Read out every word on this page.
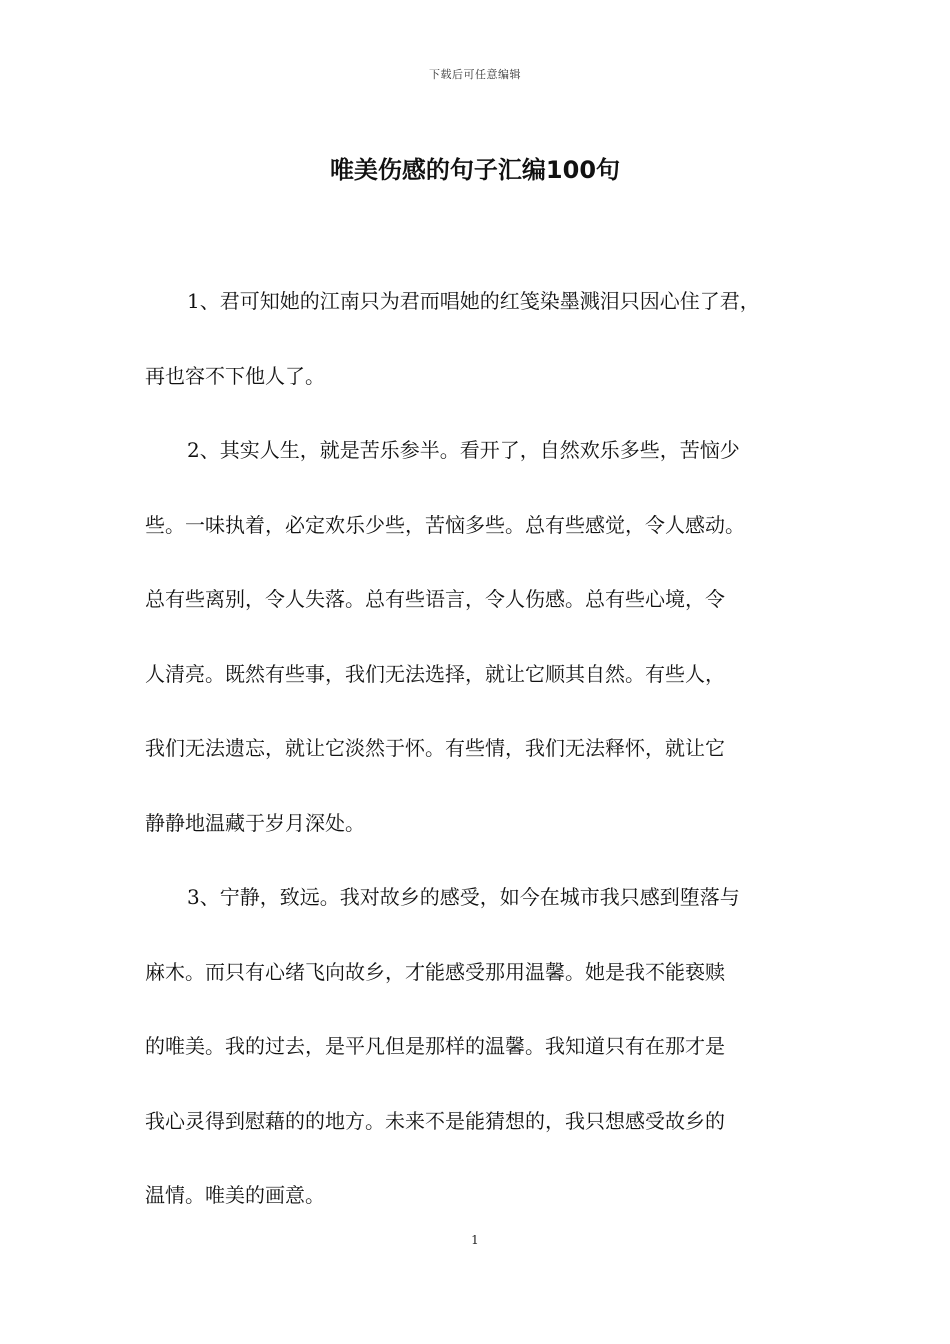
下载后可任意编辑
唯美伤感的句子汇编100句

1、君可知她的江南只为君而唱她的红笺染墨溅泪只因心住了君，

再也容不下他人了。

2、其实人生，就是苦乐参半。看开了，自然欢乐多些，苦恼少

些。一味执着，必定欢乐少些，苦恼多些。总有些感觉，令人感动。

总有些离别，令人失落。总有些语言，令人伤感。总有些心境，令

人清亮。既然有些事，我们无法选择，就让它顺其自然。有些人，

我们无法遗忘，就让它淡然于怀。有些情，我们无法释怀，就让它

静静地温藏于岁月深处。

3、宁静，致远。我对故乡的感受，如今在城市我只感到堕落与

麻木。而只有心绪飞向故乡，才能感受那用温馨。她是我不能亵赎

的唯美。我的过去，是平凡但是那样的温馨。我知道只有在那才是

我心灵得到慰藉的的地方。未来不是能猜想的，我只想感受故乡的

温情。唯美的画意。

1
